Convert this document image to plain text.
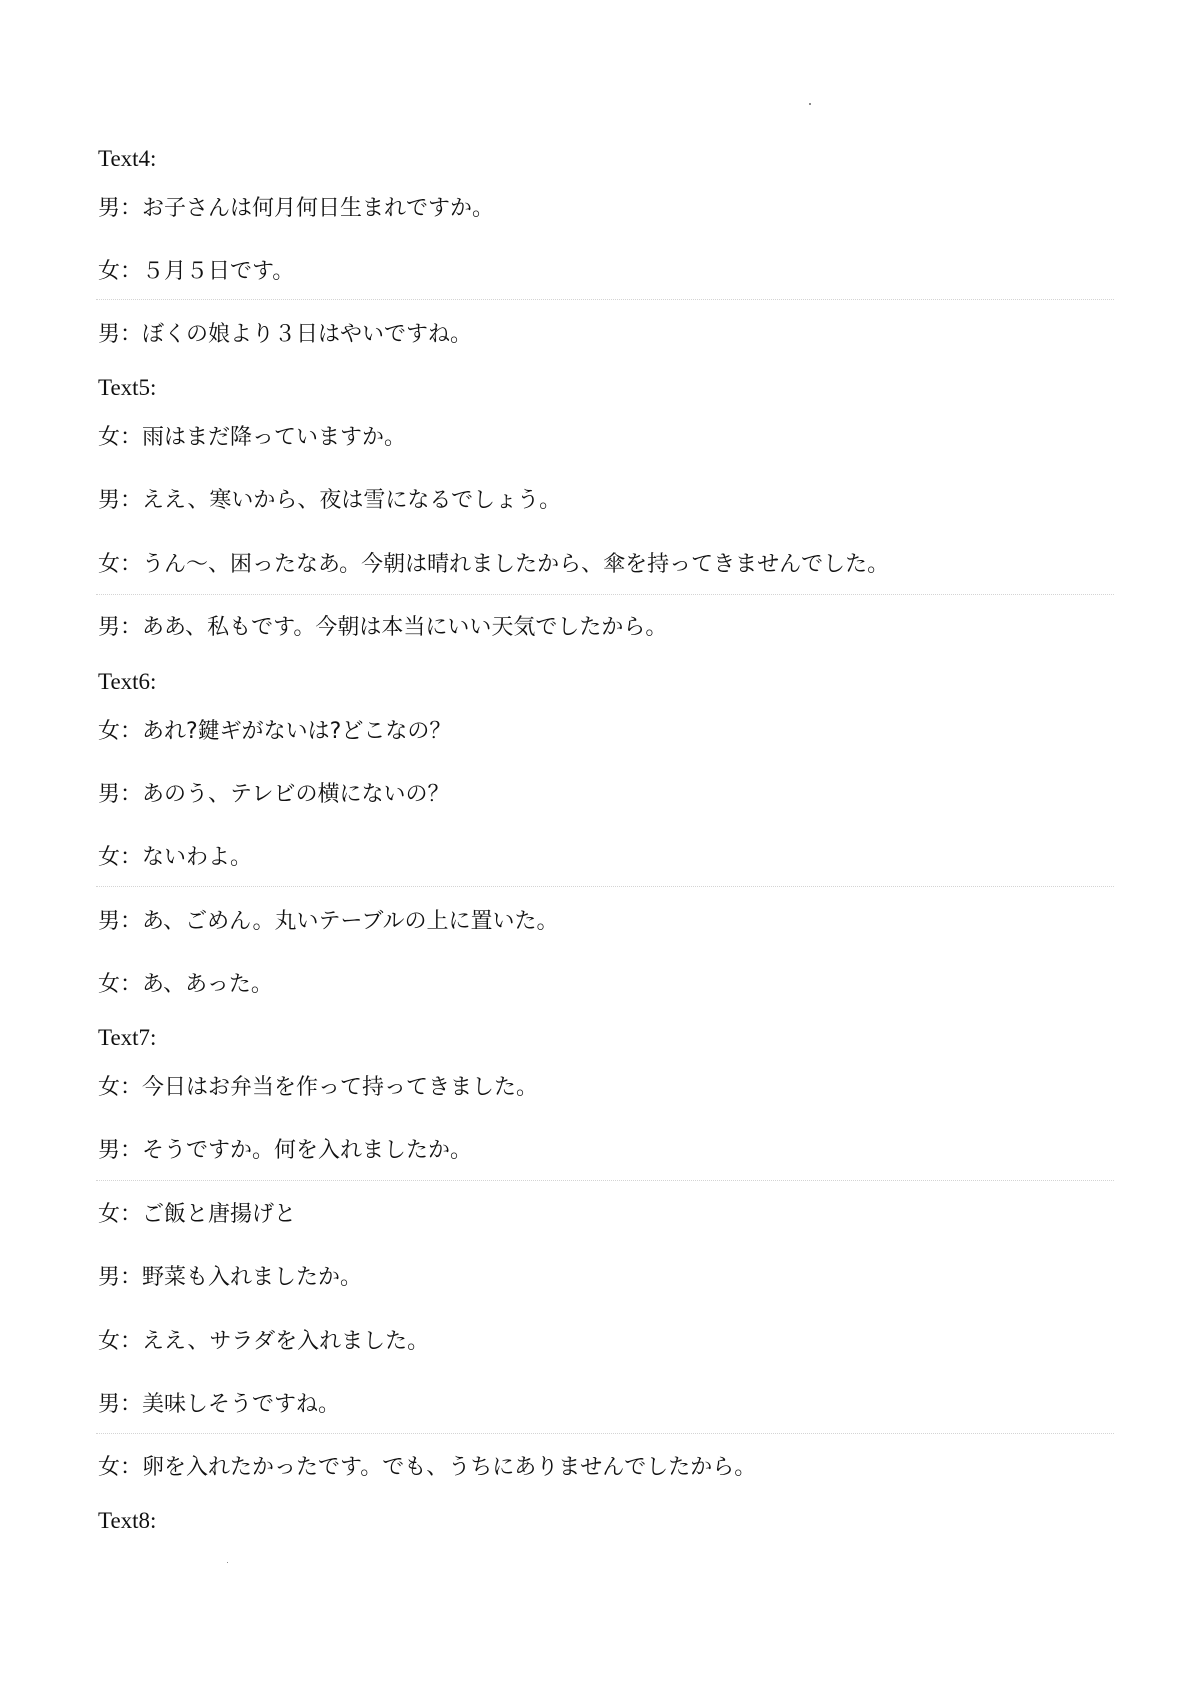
Text4:
男：お子さんは何月何日生まれですか。
女：５月５日です。
男：ぼくの娘より３日はやいですね。
Text5:
女：雨はまだ降っていますか。
男：ええ、寒いから、夜は雪になるでしょう。
女：うん～、困ったなあ。今朝は晴れましたから、傘を持ってきませんでした。
男：ああ、私もです。今朝は本当にいい天気でしたから。
Text6:
女：あれ?鍵ギがないは?どこなの？
男：あのう、テレビの横にないの？
女：ないわよ。
男：あ、ごめん。丸いテーブルの上に置いた。
女：あ、あった。
Text7:
女：今日はお弁当を作って持ってきました。
男：そうですか。何を入れましたか。
女：ご飯と唐揚げと
男：野菜も入れましたか。
女：ええ、サラダを入れました。
男：美味しそうですね。
女：卵を入れたかったです。でも、うちにありませんでしたから。
Text8:
